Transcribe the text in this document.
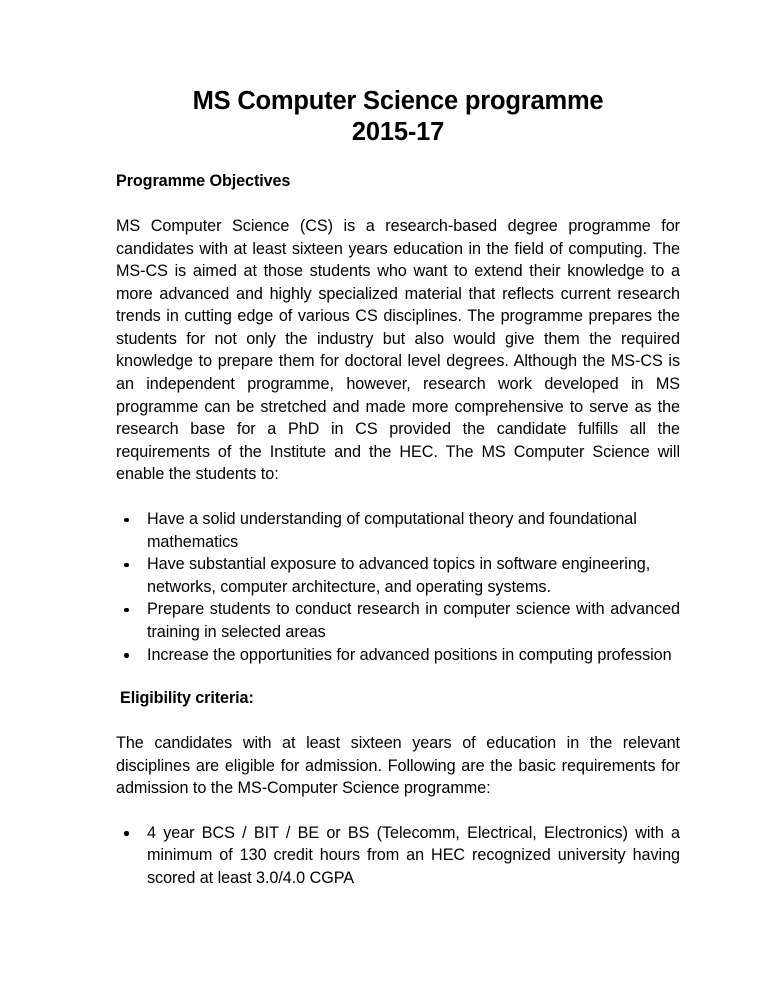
MS Computer Science programme
2015-17
Programme Objectives

MS Computer Science (CS) is a research-based degree programme for candidates with at least sixteen years education in the field of computing. The MS-CS is aimed at those students who want to extend their knowledge to a more advanced and highly specialized material that reflects current research trends in cutting edge of various CS disciplines. The programme prepares the students for not only the industry but also would give them the required knowledge to prepare them for doctoral level degrees. Although the MS-CS is an independent programme, however, research work developed in MS programme can be stretched and made more comprehensive to serve as the research base for a PhD in CS provided the candidate fulfills all the requirements of the Institute and the HEC. The MS Computer Science will enable the students to:

Have a solid understanding of computational theory and foundational mathematics
Have substantial exposure to advanced topics in software engineering, networks, computer architecture, and operating systems.
Prepare students to conduct research in computer science with advanced training in selected areas
Increase the opportunities for advanced positions in computing profession
Eligibility criteria:

The candidates with at least sixteen years of education in the relevant disciplines are eligible for admission. Following are the basic requirements for admission to the MS-Computer Science programme:

4 year BCS / BIT / BE or BS (Telecomm, Electrical, Electronics) with a minimum of 130 credit hours from an HEC recognized university having scored at least 3.0/4.0 CGPA
